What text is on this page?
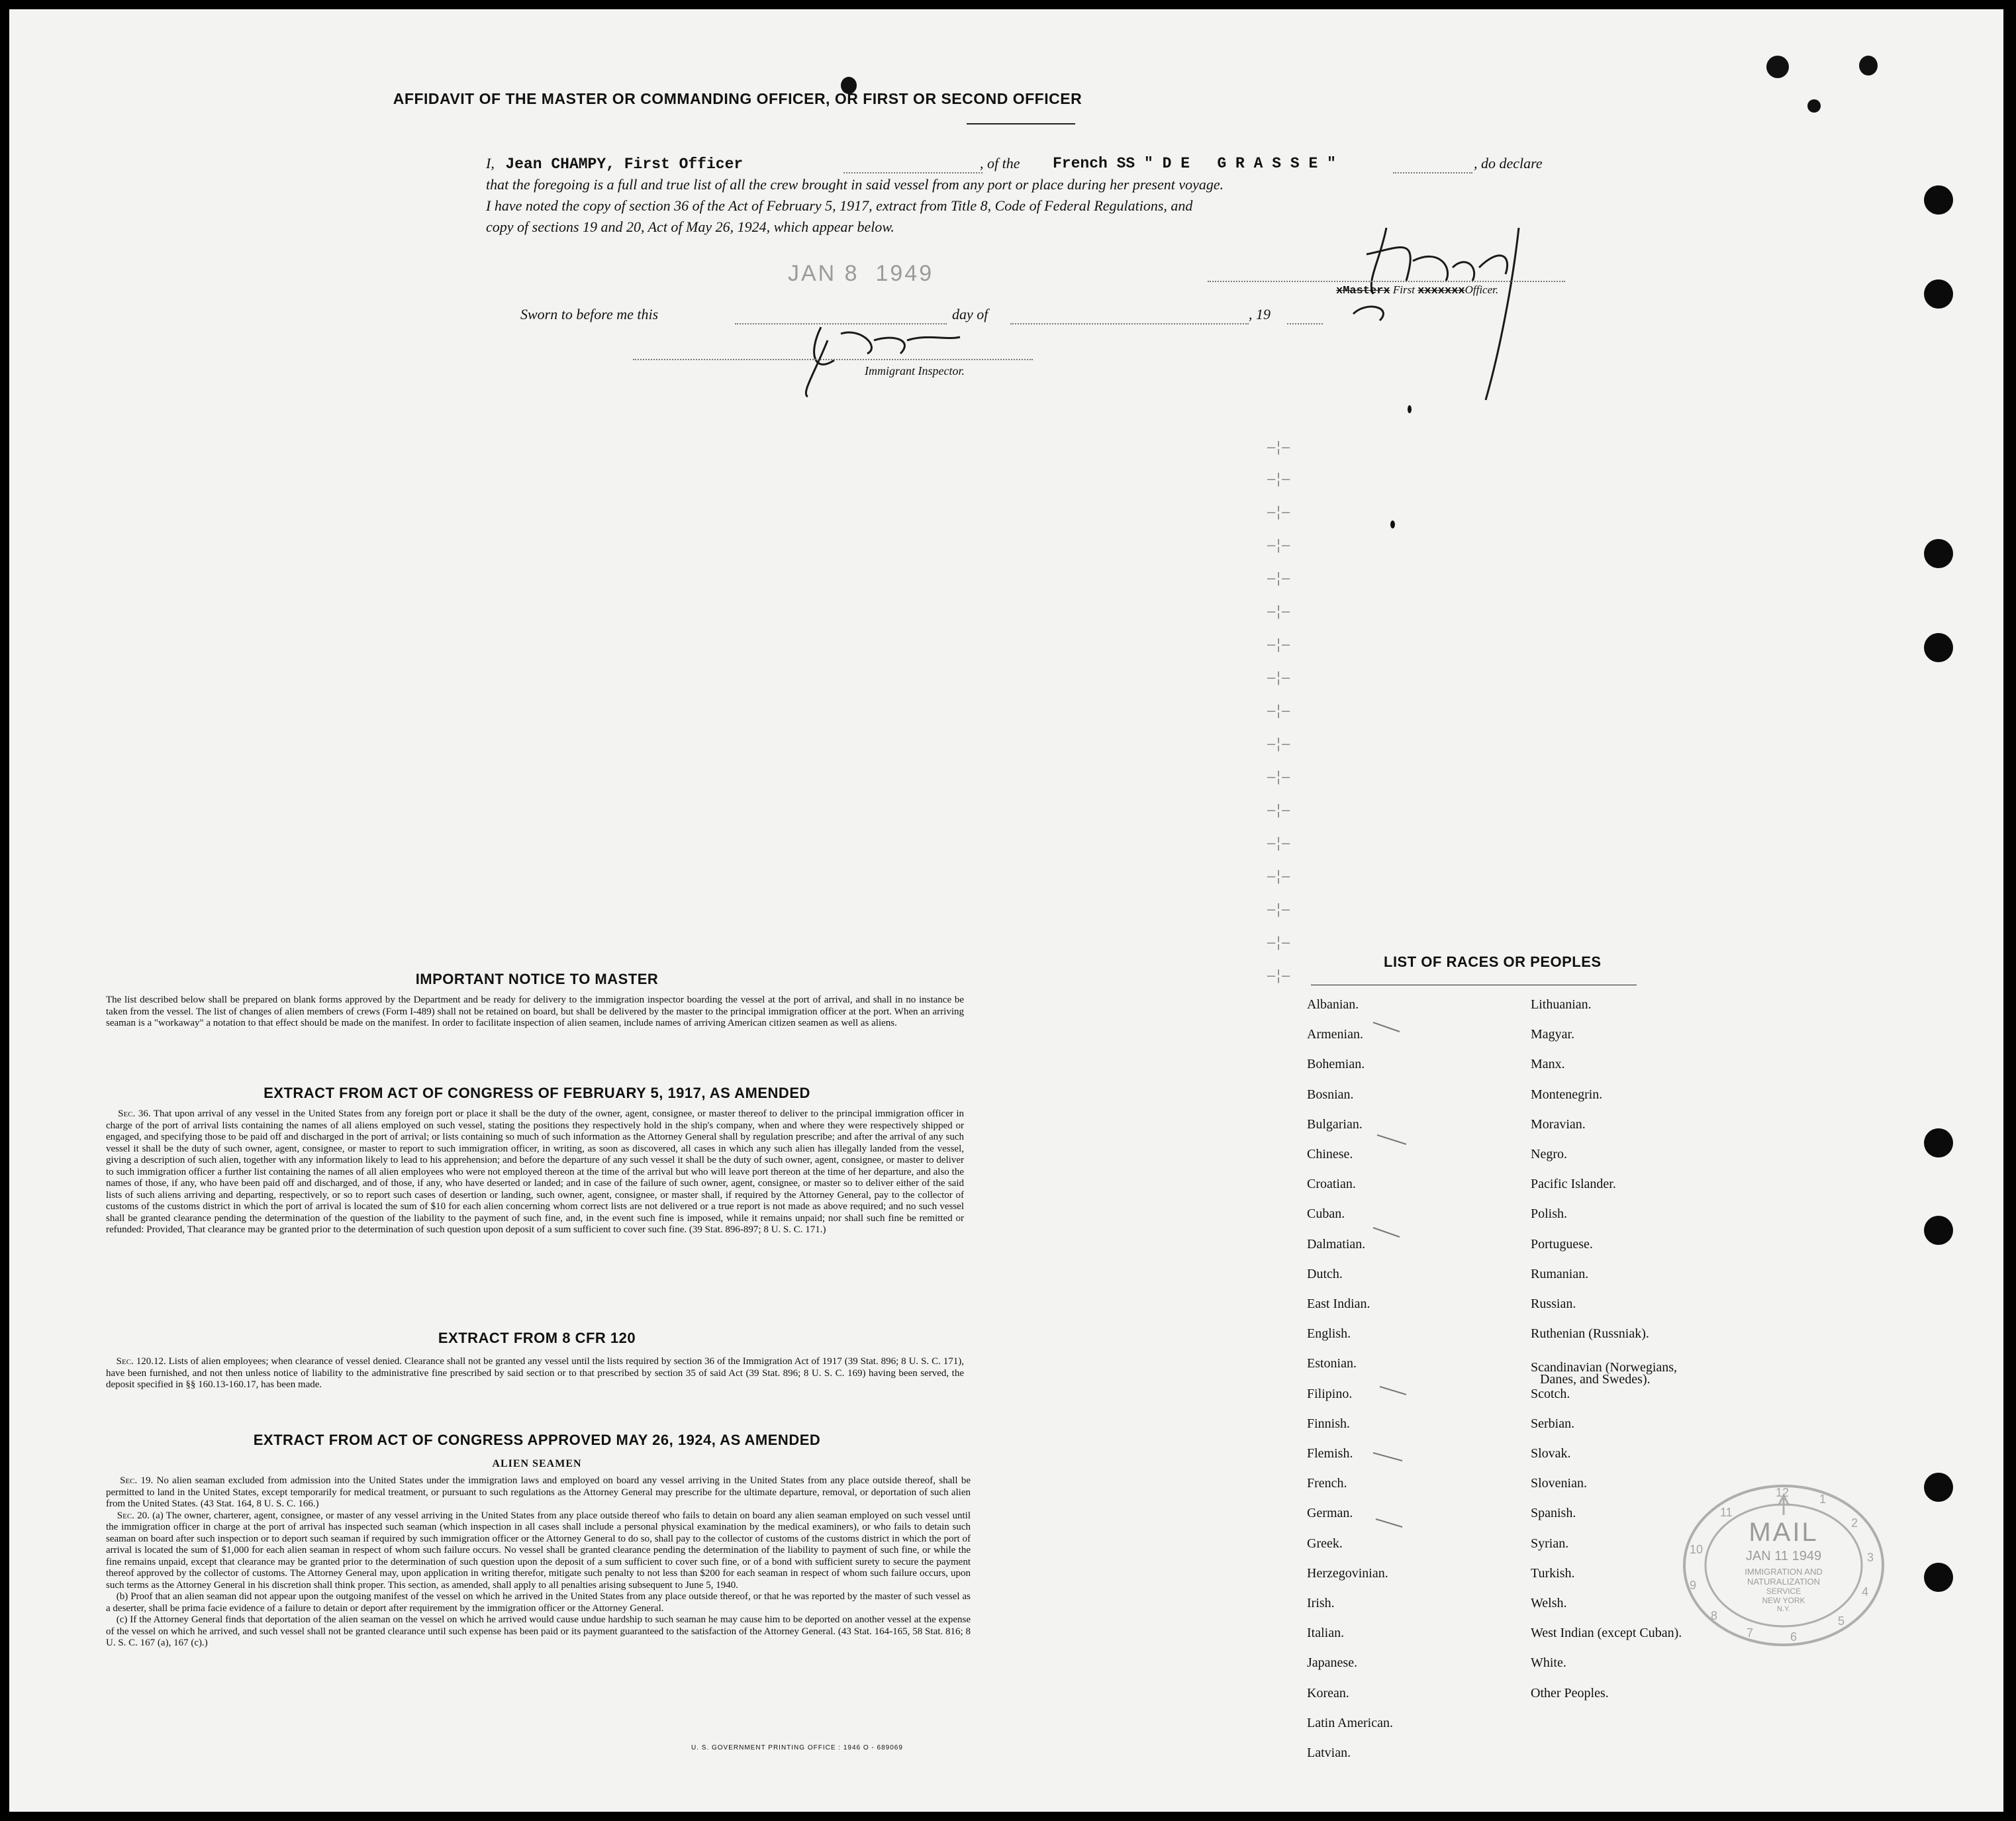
AFFIDAVIT OF THE MASTER OR COMMANDING OFFICER, OR FIRST OR SECOND OFFICER
I, Jean CHAMPY, First Officer	, of the French SS " D E   G R A S S E "	, do declare
that the foregoing is a full and true list of all the crew brought in said vessel from any port or place during her present voyage.
I have noted the copy of section 36 of the Act of February 5, 1917, extract from Title 8, Code of Federal Regulations, and
copy of sections 19 and 20, Act of May 26, 1924, which appear below.
xMasterx First xxxxxxxOfficer.
JAN 8  1949
Sworn to before me this	day of	, 19
Immigrant Inspector.
–¦–
–¦–
–¦–
–¦–
–¦–
–¦–
–¦–
–¦–
–¦–
–¦–
–¦–
–¦–
–¦–
–¦–
–¦–
–¦–
–¦–
IMPORTANT NOTICE TO MASTER
The list described below shall be prepared on blank forms approved by the Department and be ready for delivery to the immigration inspector boarding the vessel at the port of arrival, and shall in no instance be taken from the vessel. The list of changes of alien members of crews (Form I-489) shall not be retained on board, but shall be delivered by the master to the principal immigration officer at the port. When an arriving seaman is a "workaway" a notation to that effect should be made on the manifest. In order to facilitate inspection of alien seamen, include names of arriving American citizen seamen as well as aliens.
EXTRACT FROM ACT OF CONGRESS OF FEBRUARY 5, 1917, AS AMENDED
Sec. 36. That upon arrival of any vessel in the United States from any foreign port or place it shall be the duty of the owner, agent, consignee, or master thereof to deliver to the principal immigration officer in charge of the port of arrival lists containing the names of all aliens employed on such vessel, stating the positions they respectively hold in the ship's company, when and where they were respectively shipped or engaged, and specifying those to be paid off and discharged in the port of arrival; or lists containing so much of such information as the Attorney General shall by regulation prescribe; and after the arrival of any such vessel it shall be the duty of such owner, agent, consignee, or master to report to such immigration officer, in writing, as soon as discovered, all cases in which any such alien has illegally landed from the vessel, giving a description of such alien, together with any information likely to lead to his apprehension; and before the departure of any such vessel it shall be the duty of such owner, agent, consignee, or master to deliver to such immigration officer a further list containing the names of all alien employees who were not employed thereon at the time of the arrival but who will leave port thereon at the time of her departure, and also the names of those, if any, who have been paid off and discharged, and of those, if any, who have deserted or landed; and in case of the failure of such owner, agent, consignee, or master so to deliver either of the said lists of such aliens arriving and departing, respectively, or so to report such cases of desertion or landing, such owner, agent, consignee, or master shall, if required by the Attorney General, pay to the collector of customs of the customs district in which the port of arrival is located the sum of $10 for each alien concerning whom correct lists are not delivered or a true report is not made as above required; and no such vessel shall be granted clearance pending the determination of the question of the liability to the payment of such fine, and, in the event such fine is imposed, while it remains unpaid; nor shall such fine be remitted or refunded: Provided, That clearance may be granted prior to the determination of such question upon deposit of a sum sufficient to cover such fine. (39 Stat. 896-897; 8 U. S. C. 171.)
EXTRACT FROM 8 CFR 120
Sec. 120.12. Lists of alien employees; when clearance of vessel denied. Clearance shall not be granted any vessel until the lists required by section 36 of the Immigration Act of 1917 (39 Stat. 896; 8 U. S. C. 171), have been furnished, and not then unless notice of liability to the administrative fine prescribed by said section or to that prescribed by section 35 of said Act (39 Stat. 896; 8 U. S. C. 169) having been served, the deposit specified in §§ 160.13-160.17, has been made.
EXTRACT FROM ACT OF CONGRESS APPROVED MAY 26, 1924, AS AMENDED
ALIEN SEAMEN
Sec. 19. No alien seaman excluded from admission into the United States under the immigration laws and employed on board any vessel arriving in the United States from any place outside thereof, shall be permitted to land in the United States, except temporarily for medical treatment, or pursuant to such regulations as the Attorney General may prescribe for the ultimate departure, removal, or deportation of such alien from the United States. (43 Stat. 164, 8 U. S. C. 166.)
Sec. 20. (a) The owner, charterer, agent, consignee, or master of any vessel arriving in the United States from any place outside thereof who fails to detain on board any alien seaman employed on such vessel until the immigration officer in charge at the port of arrival has inspected such seaman (which inspection in all cases shall include a personal physical examination by the medical examiners), or who fails to detain such seaman on board after such inspection or to deport such seaman if required by such immigration officer or the Attorney General to do so, shall pay to the collector of customs of the customs district in which the port of arrival is located the sum of $1,000 for each alien seaman in respect of whom such failure occurs. No vessel shall be granted clearance pending the determination of the liability to payment of such fine, or while the fine remains unpaid, except that clearance may be granted prior to the determination of such question upon the deposit of a sum sufficient to cover such fine, or of a bond with sufficient surety to secure the payment thereof approved by the collector of customs. The Attorney General may, upon application in writing therefor, mitigate such penalty to not less than $200 for each seaman in respect of whom such failure occurs, upon such terms as the Attorney General in his discretion shall think proper. This section, as amended, shall apply to all penalties arising subsequent to June 5, 1940.
(b) Proof that an alien seaman did not appear upon the outgoing manifest of the vessel on which he arrived in the United States from any place outside thereof, or that he was reported by the master of such vessel as a deserter, shall be prima facie evidence of a failure to detain or deport after requirement by the immigration officer or the Attorney General.
(c) If the Attorney General finds that deportation of the alien seaman on the vessel on which he arrived would cause undue hardship to such seaman he may cause him to be deported on another vessel at the expense of the vessel on which he arrived, and such vessel shall not be granted clearance until such expense has been paid or its payment guaranteed to the satisfaction of the Attorney General. (43 Stat. 164-165, 58 Stat. 816; 8 U. S. C. 167 (a), 167 (c).)
U. S. GOVERNMENT PRINTING OFFICE : 1946 O - 689069
LIST OF RACES OR PEOPLES
Albanian.
Armenian.
Bohemian.
Bosnian.
Bulgarian.
Chinese.
Croatian.
Cuban.
Dalmatian.
Dutch.
East Indian.
English.
Estonian.
Filipino.
Finnish.
Flemish.
French.
German.
Greek.
Herzegovinian.
Irish.
Italian.
Japanese.
Korean.
Latin American.
Latvian.
Lithuanian.
Magyar.
Manx.
Montenegrin.
Moravian.
Negro.
Pacific Islander.
Polish.
Portuguese.
Rumanian.
Russian.
Ruthenian (Russniak).
Scandinavian (Norwegians,
Danes, and Swedes).
Scotch.
Serbian.
Slovak.
Slovenian.
Spanish.
Syrian.
Turkish.
Welsh.
West Indian (except Cuban).
White.
Other Peoples.
12	1
2
3
4
5
6
7
8
9
10
11
MAIL
JAN 11 1949
IMMIGRATION AND
NATURALIZATION
SERVICE
NEW YORK
N.Y.
